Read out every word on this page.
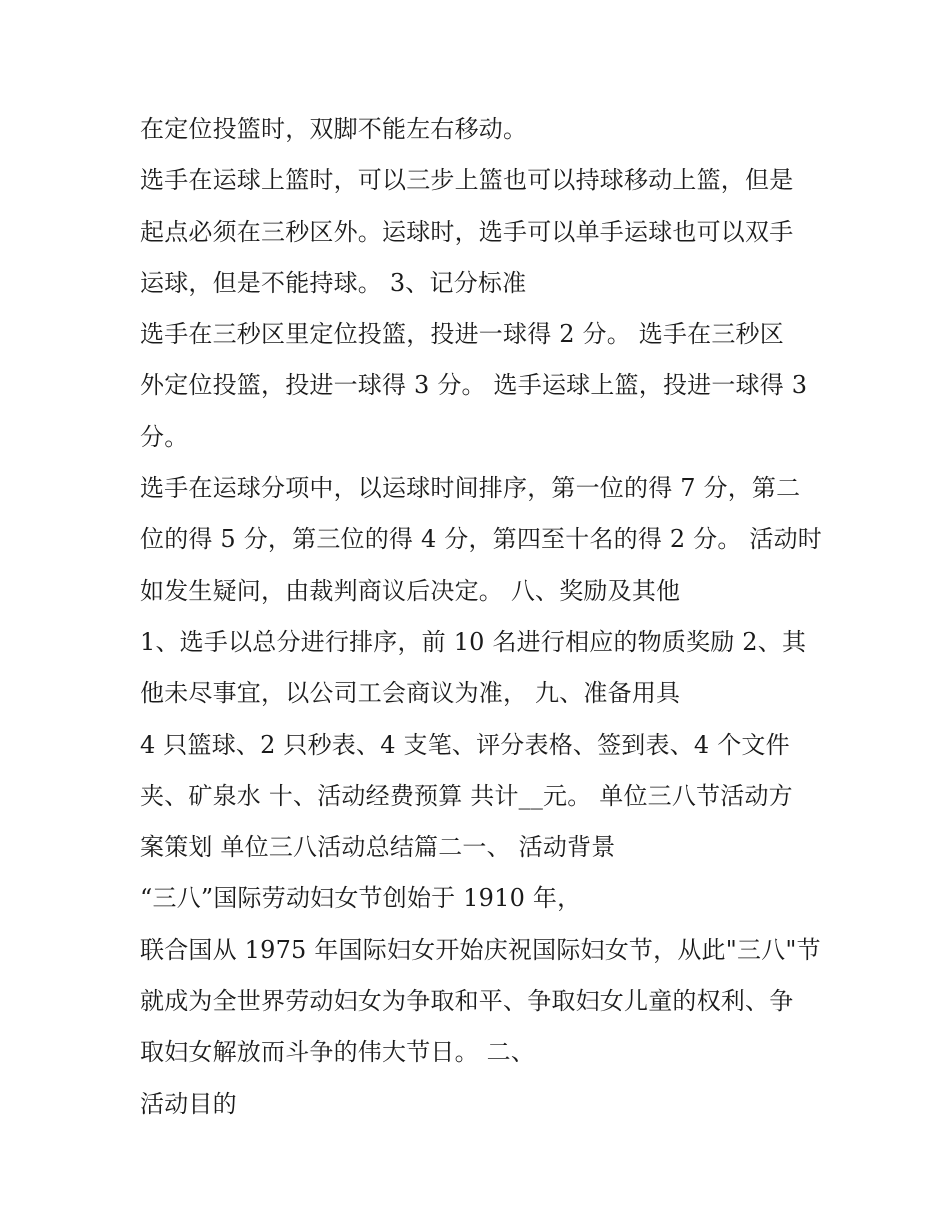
在定位投篮时，双脚不能左右移动。
选手在运球上篮时，可以三步上篮也可以持球移动上篮，但是
起点必须在三秒区外。运球时，选手可以单手运球也可以双手
运球，但是不能持球。 3、记分标准
选手在三秒区里定位投篮，投进一球得 2 分。 选手在三秒区
外定位投篮，投进一球得 3 分。 选手运球上篮，投进一球得 3
分。
选手在运球分项中，以运球时间排序，第一位的得 7 分，第二
位的得 5 分，第三位的得 4 分，第四至十名的得 2 分。 活动时
如发生疑问，由裁判商议后决定。 八、奖励及其他
1、选手以总分进行排序，前 10 名进行相应的物质奖励 2、其
他未尽事宜，以公司工会商议为准， 九、准备用具
4 只篮球、2 只秒表、4 支笔、评分表格、签到表、4 个文件
夹、矿泉水 十、活动经费预算 共计__元。 单位三八节活动方
案策划 单位三八活动总结篇二一、 活动背景
“三八”国际劳动妇女节创始于 1910 年，
联合国从 1975 年国际妇女开始庆祝国际妇女节，从此"三八"节
就成为全世界劳动妇女为争取和平、争取妇女儿童的权利、争
取妇女解放而斗争的伟大节日。 二、
活动目的
